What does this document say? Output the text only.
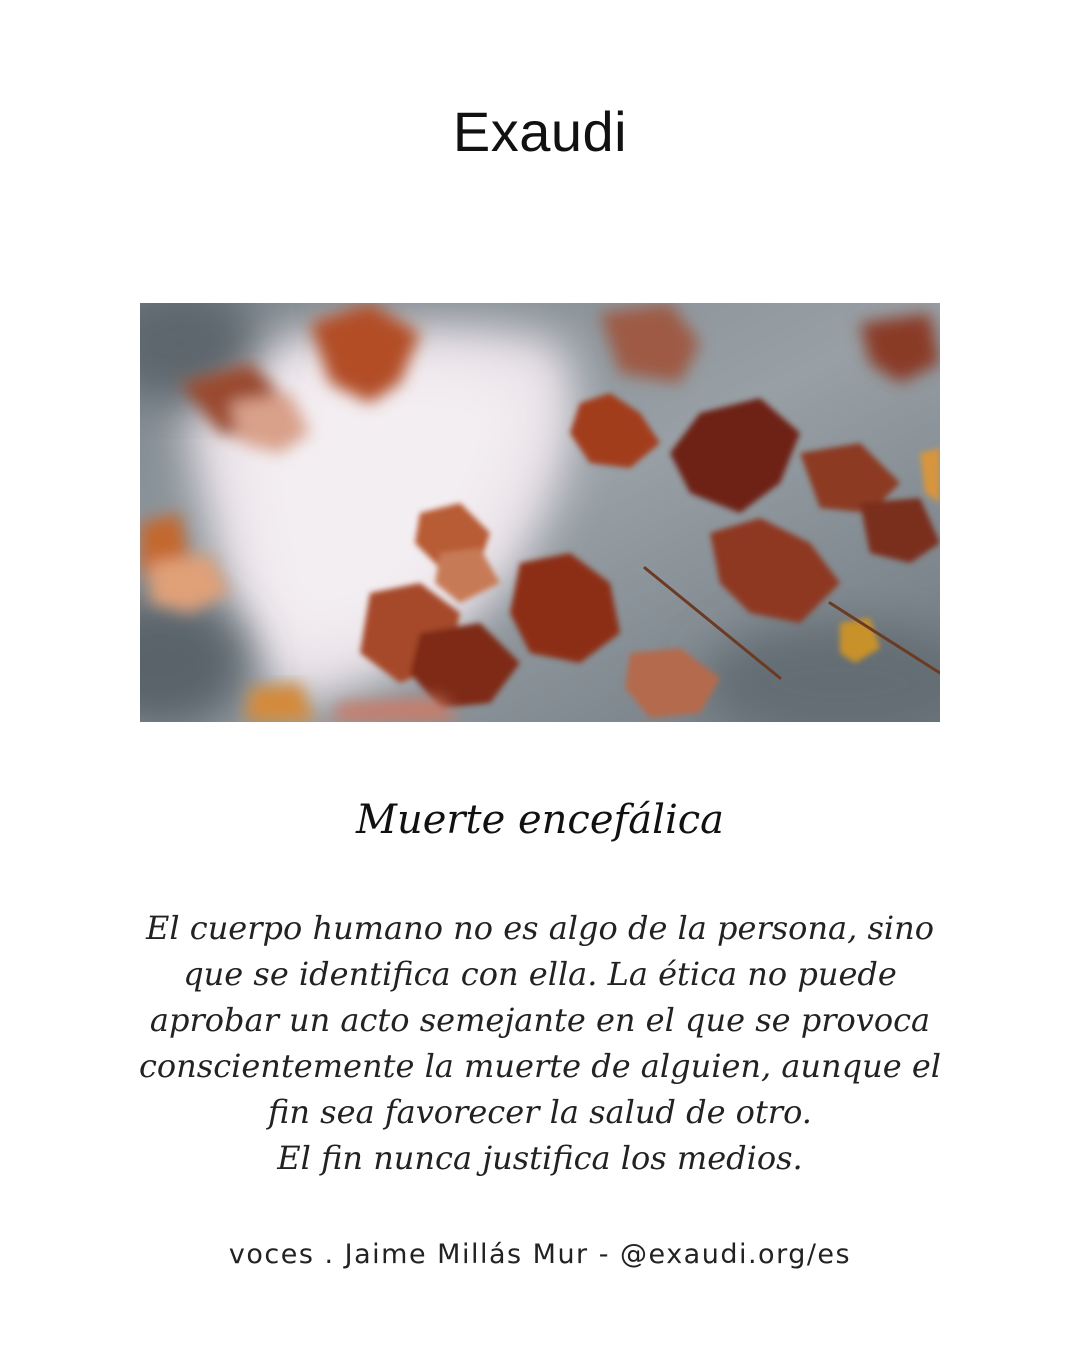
Exaudi
Muerte encefálica
El cuerpo humano no es algo de la persona, sino
que se identifica con ella. La ética no puede
aprobar un acto semejante en el que se provoca
conscientemente la muerte de alguien, aunque el
fin sea favorecer la salud de otro.
El fin nunca justifica los medios.
voces . Jaime Millás Mur - @exaudi.org/es
